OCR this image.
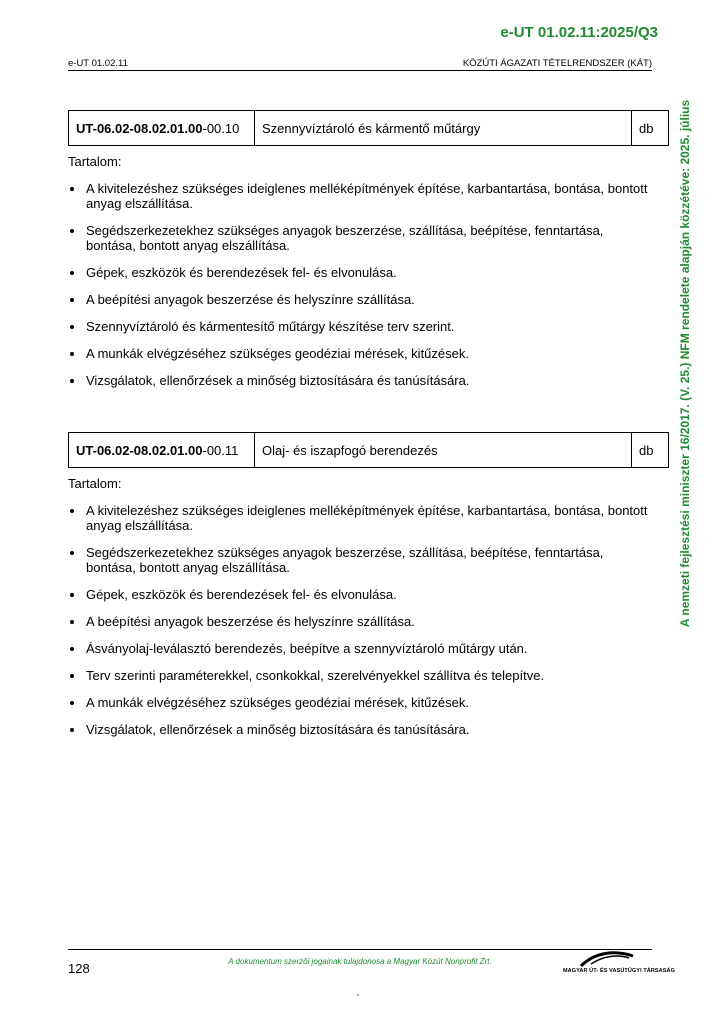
e-UT 01.02.11:2025/Q3
e-UT 01.02.11	KÖZÚTI ÁGAZATI TÉTELRENDSZER (KÁT)
A nemzeti fejlesztési miniszter 16/2017. (V. 25.) NFM rendelete alapján közzétéve: 2025. július
UT-06.02-08.02.01.00-00.10	Szennyvíztároló és kármentő műtárgy	db
Tartalom:
A kivitelezéshez szükséges ideiglenes melléképítmények építése, karbantartása, bontása, bontott anyag elszállítása.
Segédszerkezetekhez szükséges anyagok beszerzése, szállítása, beépítése, fenntartása, bontása, bontott anyag elszállítása.
Gépek, eszközök és berendezések fel- és elvonulása.
A beépítési anyagok beszerzése és helyszínre szállítása.
Szennyvíztároló és kármentesítő műtárgy készítése terv szerint.
A munkák elvégzéséhez szükséges geodéziai mérések, kitűzések.
Vizsgálatok, ellenőrzések a minőség biztosítására és tanúsítására.
UT-06.02-08.02.01.00-00.11	Olaj- és iszapfogó berendezés	db
Tartalom:
A kivitelezéshez szükséges ideiglenes melléképítmények építése, karbantartása, bontása, bontott anyag elszállítása.
Segédszerkezetekhez szükséges anyagok beszerzése, szállítása, beépítése, fenntartása, bontása, bontott anyag elszállítása.
Gépek, eszközök és berendezések fel- és elvonulása.
A beépítési anyagok beszerzése és helyszínre szállítása.
Ásványolaj-leválasztó berendezés, beépítve a szennyvíztároló műtárgy után.
Terv szerinti paraméterekkel, csonkokkal, szerelvényekkel szállítva és telepítve.
A munkák elvégzéséhez szükséges geodéziai mérések, kitűzések.
Vizsgálatok, ellenőrzések a minőség biztosítására és tanúsítására.
128	A dokumentum szerzői jogainak tulajdonosa a Magyar Közút Nonprofit Zrt.
MAGYAR ÚT- ÉS VASÚTÜGYI TÁRSASÁG
